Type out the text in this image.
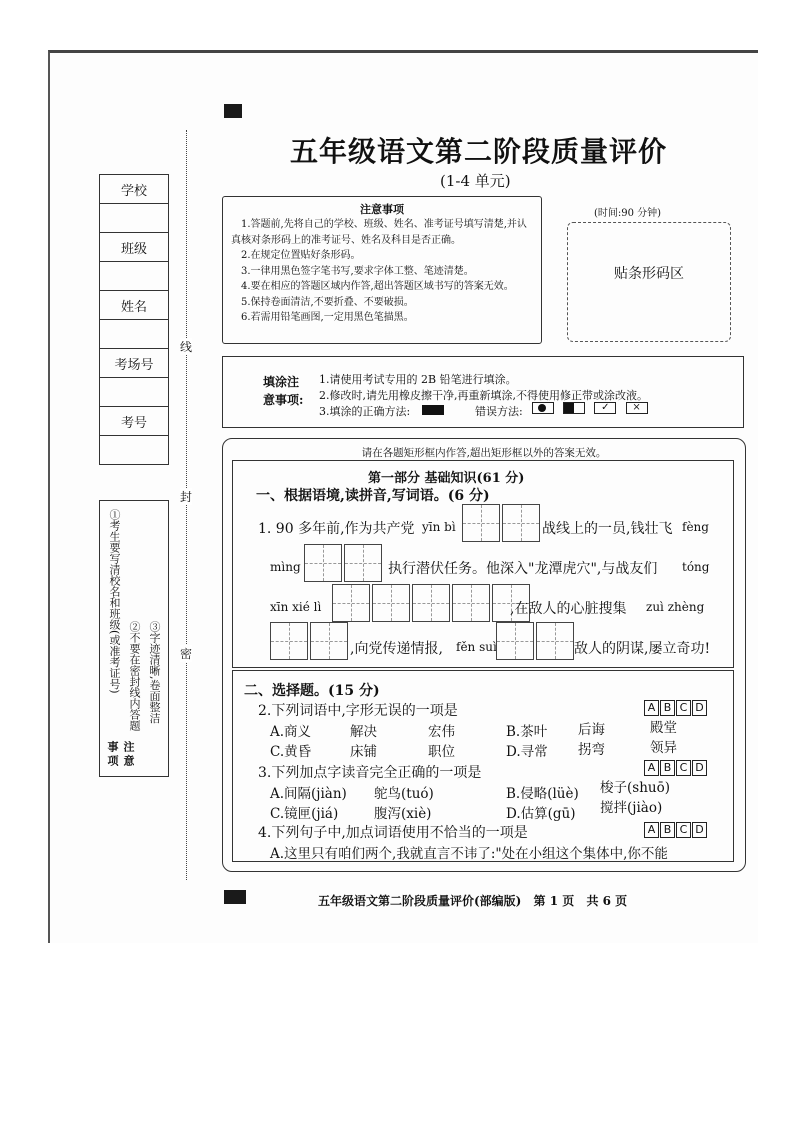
五年级语文第二阶段质量评价
(1-4 单元)
学校

班级

姓名

考场号

考号

线
封
密
注意事项
①考生要写清校名和班级(或准考证号) ②不要在密封线内答题 ③字迹清晰,卷面整洁
注意事项
1.答题前,先将自己的学校、班级、姓名、准考证号填写清楚,并认真核对条形码上的准考证号、姓名及科目是否正确。
2.在规定位置贴好条形码。
3.一律用黑色签字笔书写,要求字体工整、笔迹清楚。
4.要在相应的答题区域内作答,超出答题区域书写的答案无效。
5.保持卷面清洁,不要折叠、不要破损。
6.若需用铅笔画图,一定用黑色笔描黑。
(时间:90 分钟)
贴条形码区
填涂注
意事项:
1.请使用考试专用的 2B 铅笔进行填涂。
2.修改时,请先用橡皮擦干净,再重新填涂,不得使用修正带或涂改液。
3.填涂的正确方法:	错误方法:
	✓ ×
请在各题矩形框内作答,超出矩形框以外的答案无效。
第一部分 基础知识(61 分)
一、根据语境,读拼音,写词语。(6 分)
1. 90 多年前,作为共产党 yīn bì	战线上的一员,钱壮飞 fèng
mìng	执行潜伏任务。他深入"龙潭虎穴",与战友们 tóng
xīn xié lì	,在敌人的心脏搜集 zuì zhèng
,向党传递情报, fěn suì	敌人的阴谋,屡立奇功!
二、选择题。(15 分)
2.下列词语中,字形无误的一项是	A B C D
A.商义	解决	宏伟	B.茶叶 后诲	殿堂
C.黄昏	床铺	职位	D.寻常 拐弯	领异
3.下列加点字读音完全正确的一项是	A B C D
A.间隔(jiàn) 鸵鸟(tuó)	B.侵略(lüè) 梭子(shuō)
C.镜匣(jiá)	腹泻(xiè)	D.估算(gū) 搅拌(jiào)
4.下列句子中,加点词语使用不恰当的一项是	A B C D
A.这里只有咱们两个,我就直言不讳了:"处在小组这个集体中,你不能
五年级语文第二阶段质量评价(部编版) 第 1 页 共 6 页
